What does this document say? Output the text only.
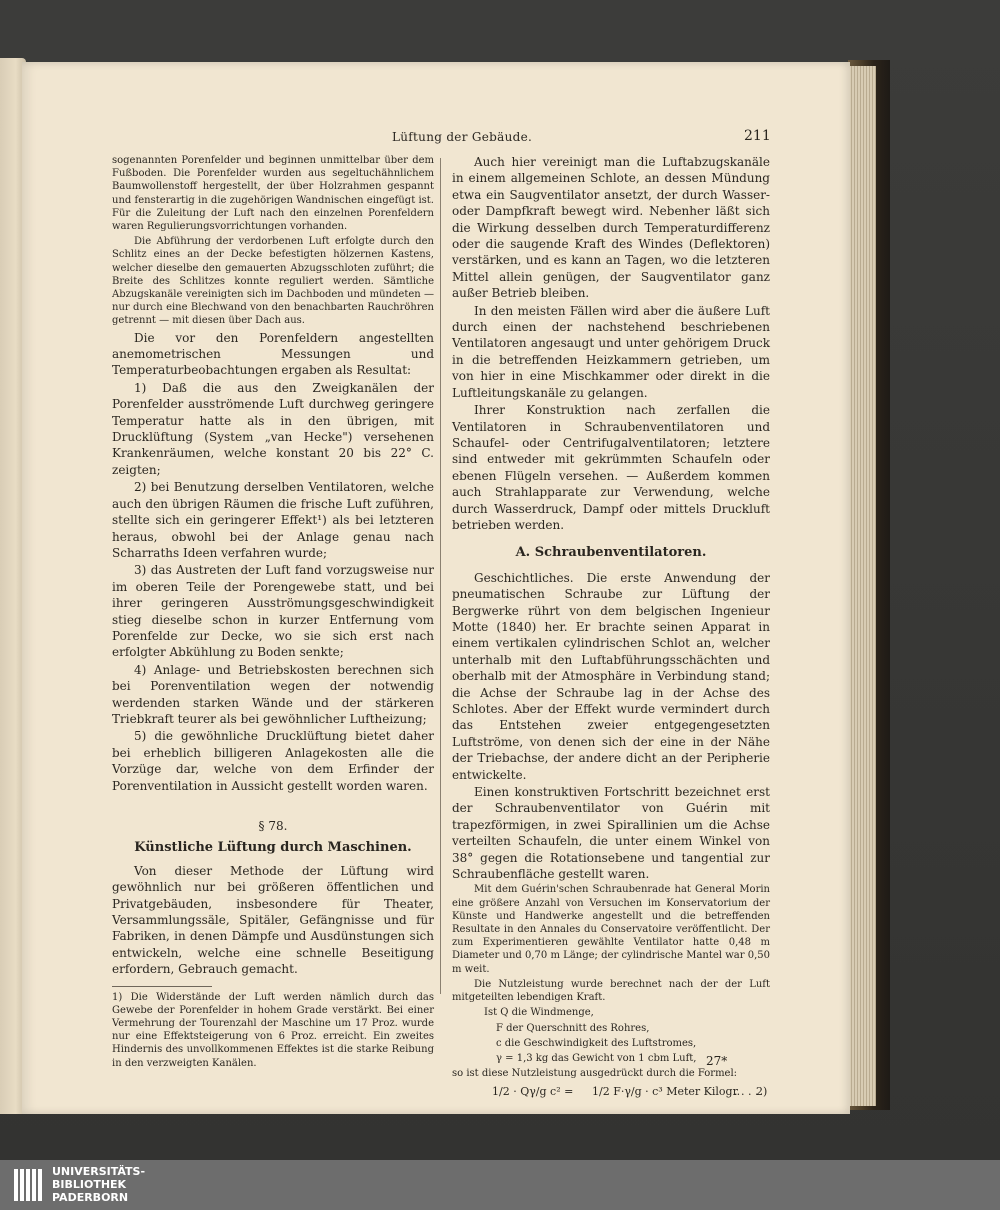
Lüftung der Gebäude.	211

sogenannten Porenfelder und beginnen unmittelbar über dem Fußboden. Die Porenfelder wurden aus segeltuchähnlichem Baumwollenstoff hergestellt, der über Holzrahmen gespannt und fensterartig in die zugehörigen Wandnischen eingefügt ist. Für die Zuleitung der Luft nach den einzelnen Porenfeldern waren Regulierungsvorrichtungen vorhanden.

Die Abführung der verdorbenen Luft erfolgte durch den Schlitz eines an der Decke befestigten hölzernen Kastens, welcher dieselbe den gemauerten Abzugsschloten zuführt; die Breite des Schlitzes konnte reguliert werden. Sämtliche Abzugskanäle vereinigten sich im Dachboden und mündeten — nur durch eine Blechwand von den benachbarten Rauchröhren getrennt — mit diesen über Dach aus.

Die vor den Porenfeldern angestellten anemometrischen Messungen und Temperaturbeobachtungen ergaben als Resultat:

1) Daß die aus den Zweigkanälen der Porenfelder ausströmende Luft durchweg geringere Temperatur hatte als in den übrigen, mit Drucklüftung (System „van Hecke") versehenen Krankenräumen, welche konstant 20 bis 22° C. zeigten;

2) bei Benutzung derselben Ventilatoren, welche auch den übrigen Räumen die frische Luft zuführen, stellte sich ein geringerer Effekt¹) als bei letzteren heraus, obwohl bei der Anlage genau nach Scharraths Ideen verfahren wurde;

3) das Austreten der Luft fand vorzugsweise nur im oberen Teile der Porengewebe statt, und bei ihrer geringeren Ausströmungsgeschwindigkeit stieg dieselbe schon in kurzer Entfernung vom Porenfelde zur Decke, wo sie sich erst nach erfolgter Abkühlung zu Boden senkte;

4) Anlage- und Betriebskosten berechnen sich bei Porenventilation wegen der notwendig werdenden starken Wände und der stärkeren Triebkraft teurer als bei gewöhnlicher Luftheizung;

5) die gewöhnliche Drucklüftung bietet daher bei erheblich billigeren Anlagekosten alle die Vorzüge dar, welche von dem Erfinder der Porenventilation in Aussicht gestellt worden waren.

§ 78.
Künstliche Lüftung durch Maschinen.

Von dieser Methode der Lüftung wird gewöhnlich nur bei größeren öffentlichen und Privatgebäuden, insbesondere für Theater, Versammlungssäle, Spitäler, Gefängnisse und für Fabriken, in denen Dämpfe und Ausdünstungen sich entwickeln, welche eine schnelle Beseitigung erfordern, Gebrauch gemacht.

1) Die Widerstände der Luft werden nämlich durch das Gewebe der Porenfelder in hohem Grade verstärkt. Bei einer Vermehrung der Tourenzahl der Maschine um 17 Proz. wurde nur eine Effektsteigerung von 6 Proz. erreicht. Ein zweites Hindernis des unvollkommenen Effektes ist die starke Reibung in den verzweigten Kanälen.

Auch hier vereinigt man die Luftabzugskanäle in einem allgemeinen Schlote, an dessen Mündung etwa ein Saugventilator ansetzt, der durch Wasser- oder Dampfkraft bewegt wird. Nebenher läßt sich die Wirkung desselben durch Temperaturdifferenz oder die saugende Kraft des Windes (Deflektoren) verstärken, und es kann an Tagen, wo die letzteren Mittel allein genügen, der Saugventilator ganz außer Betrieb bleiben.

In den meisten Fällen wird aber die äußere Luft durch einen der nachstehend beschriebenen Ventilatoren angesaugt und unter gehörigem Druck in die betreffenden Heizkammern getrieben, um von hier in eine Mischkammer oder direkt in die Luftleitungskanäle zu gelangen.

Ihrer Konstruktion nach zerfallen die Ventilatoren in Schraubenventilatoren und Schaufel- oder Centrifugalventilatoren; letztere sind entweder mit gekrümmten Schaufeln oder ebenen Flügeln versehen. — Außerdem kommen auch Strahlapparate zur Verwendung, welche durch Wasserdruck, Dampf oder mittels Druckluft betrieben werden.

A. Schraubenventilatoren.

Geschichtliches. Die erste Anwendung der pneumatischen Schraube zur Lüftung der Bergwerke rührt von dem belgischen Ingenieur Motte (1840) her. Er brachte seinen Apparat in einem vertikalen cylindrischen Schlot an, welcher unterhalb mit den Luftabführungsschächten und oberhalb mit der Atmosphäre in Verbindung stand; die Achse der Schraube lag in der Achse des Schlotes. Aber der Effekt wurde vermindert durch das Entstehen zweier entgegengesetzten Luftströme, von denen sich der eine in der Nähe der Triebachse, der andere dicht an der Peripherie entwickelte.

Einen konstruktiven Fortschritt bezeichnet erst der Schraubenventilator von Guérin mit trapezförmigen, in zwei Spirallinien um die Achse verteilten Schaufeln, die unter einem Winkel von 38° gegen die Rotationsebene und tangential zur Schraubenfläche gestellt waren.

Mit dem Guérin'schen Schraubenrade hat General Morin eine größere Anzahl von Versuchen im Konservatorium der Künste und Handwerke angestellt und die betreffenden Resultate in den Annales du Conservatoire veröffentlicht. Der zum Experimentieren gewählte Ventilator hatte 0,48 m Diameter und 0,70 m Länge; der cylindrische Mantel war 0,50 m weit.

Die Nutzleistung wurde berechnet nach der der Luft mitgeteilten lebendigen Kraft.

Ist Q die Windmenge,

F der Querschnitt des Rohres,

c die Geschwindigkeit des Luftstromes,

γ = 1,3 kg das Gewicht von 1 cbm Luft,

so ist diese Nutzleistung ausgedrückt durch die Formel:

1/2 · Qγ/g c² = 1/2 F·γ/g · c³ Meter Kilogr.
. . . .
2)
27*
UNIVERSITÄTS-
BIBLIOTHEK
PADERBORN
